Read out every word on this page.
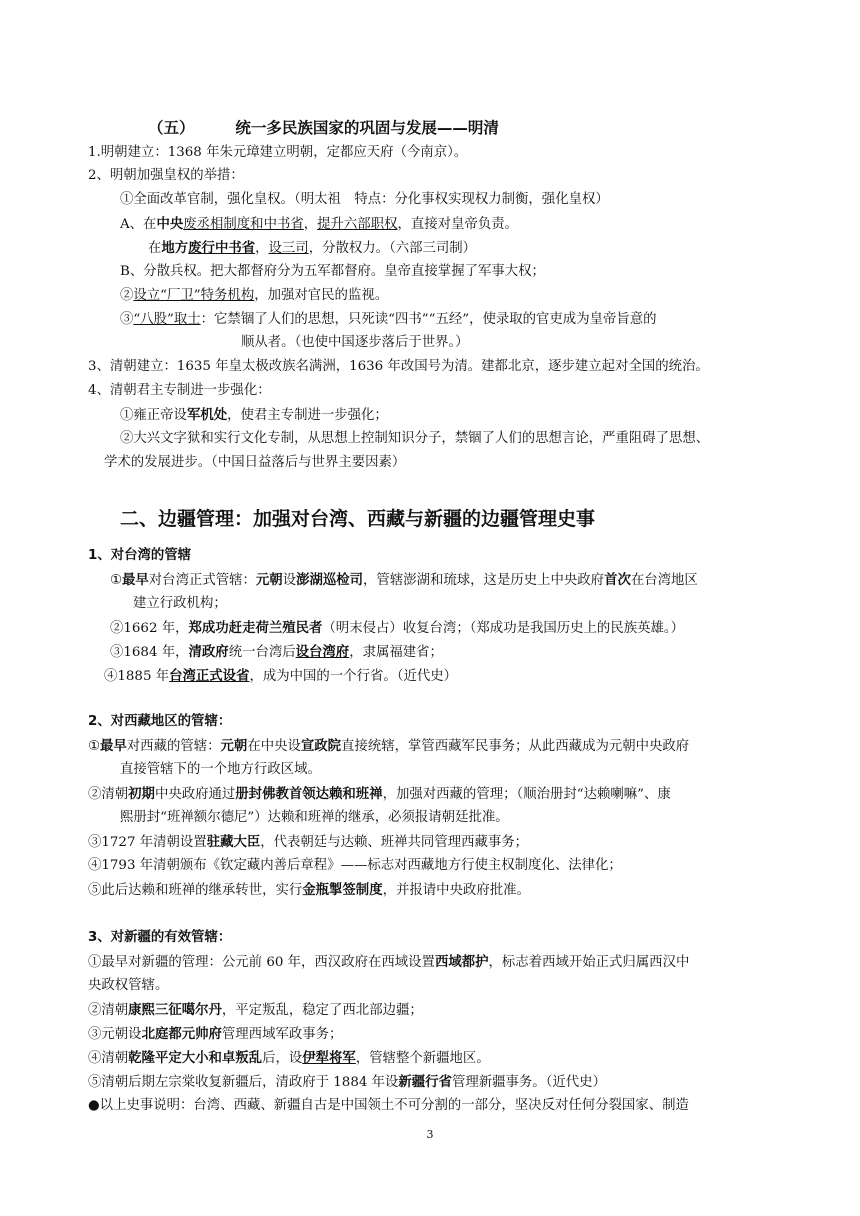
（五）	统一多民族国家的巩固与发展——明清
1.明朝建立：1368 年朱元璋建立明朝，定都应天府（今南京）。
2、明朝加强皇权的举措：
①全面改革官制，强化皇权。（明太祖　特点：分化事权实现权力制衡，强化皇权）
A、在中央废丞相制度和中书省，提升六部职权，直接对皇帝负责。
在地方废行中书省，设三司，分散权力。（六部三司制）
B、分散兵权。把大都督府分为五军都督府。皇帝直接掌握了军事大权；
②设立“厂卫”特务机构，加强对官民的监视。
③“八股”取士：它禁锢了人们的思想，只死读“四书”“五经”，使录取的官吏成为皇帝旨意的
顺从者。（也使中国逐步落后于世界。）
3、清朝建立：1635 年皇太极改族名满洲，1636 年改国号为清。建都北京，逐步建立起对全国的统治。
4、清朝君主专制进一步强化：
①雍正帝设军机处，使君主专制进一步强化；
②大兴文字狱和实行文化专制，从思想上控制知识分子，禁锢了人们的思想言论，严重阻碍了思想、
学术的发展进步。（中国日益落后与世界主要因素）
二、边疆管理：加强对台湾、西藏与新疆的边疆管理史事
1、对台湾的管辖
①最早对台湾正式管辖：元朝设澎湖巡检司，管辖澎湖和琉球，这是历史上中央政府首次在台湾地区
建立行政机构；
②1662 年，郑成功赶走荷兰殖民者（明末侵占）收复台湾；（郑成功是我国历史上的民族英雄。）
③1684 年，清政府统一台湾后设台湾府，隶属福建省；
④1885 年台湾正式设省，成为中国的一个行省。（近代史）
2、对西藏地区的管辖：
①最早对西藏的管辖：元朝在中央设宣政院直接统辖，掌管西藏军民事务；从此西藏成为元朝中央政府
直接管辖下的一个地方行政区域。
②清朝初期中央政府通过册封佛教首领达赖和班禅，加强对西藏的管理；（顺治册封“达赖喇嘛”、康
熙册封“班禅额尔德尼”）达赖和班禅的继承，必须报请朝廷批准。
③1727 年清朝设置驻藏大臣，代表朝廷与达赖、班禅共同管理西藏事务；
④1793 年清朝颁布《钦定藏内善后章程》——标志对西藏地方行使主权制度化、法律化；
⑤此后达赖和班禅的继承转世，实行金瓶掣签制度，并报请中央政府批准。
3、对新疆的有效管辖：
①最早对新疆的管理：公元前 60 年，西汉政府在西域设置西域都护，标志着西域开始正式归属西汉中
央政权管辖。
②清朝康熙三征噶尔丹，平定叛乱，稳定了西北部边疆；
③元朝设北庭都元帅府管理西域军政事务；
④清朝乾隆平定大小和卓叛乱后，设伊犁将军，管辖整个新疆地区。
⑤清朝后期左宗棠收复新疆后，清政府于 1884 年设新疆行省管理新疆事务。（近代史）
●以上史事说明：台湾、西藏、新疆自古是中国领土不可分割的一部分，坚决反对任何分裂国家、制造
3
